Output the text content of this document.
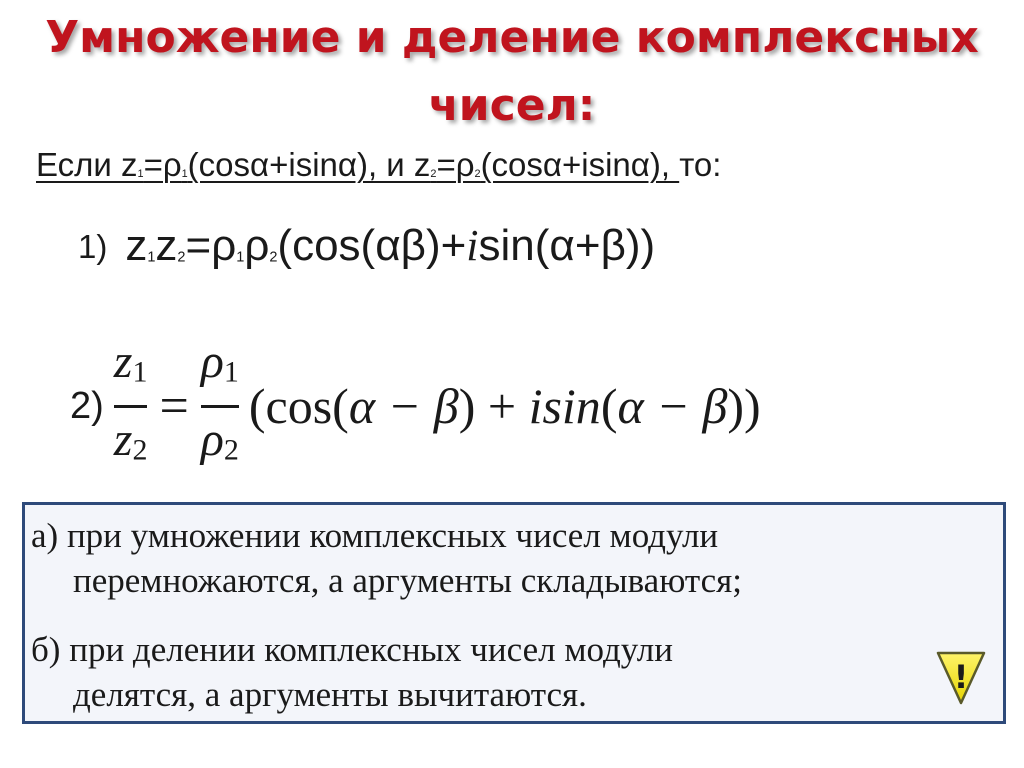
Умножение и деление комплексных
чисел:
Если $z_1=\rho_1(\cos\alpha+isin\alpha)$, и $z_2=\rho_2(\cos\alpha+isin\alpha)$, то:
1) $z_1z_2=\rho_1\rho_2(\cos(\alpha\beta)+isin(\alpha+\beta))$
$2) \frac{z1}{z2} = \frac{\rho 1}{\rho 2} (\cos(\alpha - \beta) + isin(\alpha - \beta))$
а) при умножении комплексных чисел модули
перемножаются, а аргументы складываются;
б) при делении комплексных чисел модули
делятся, а аргументы вычитаются.	!
